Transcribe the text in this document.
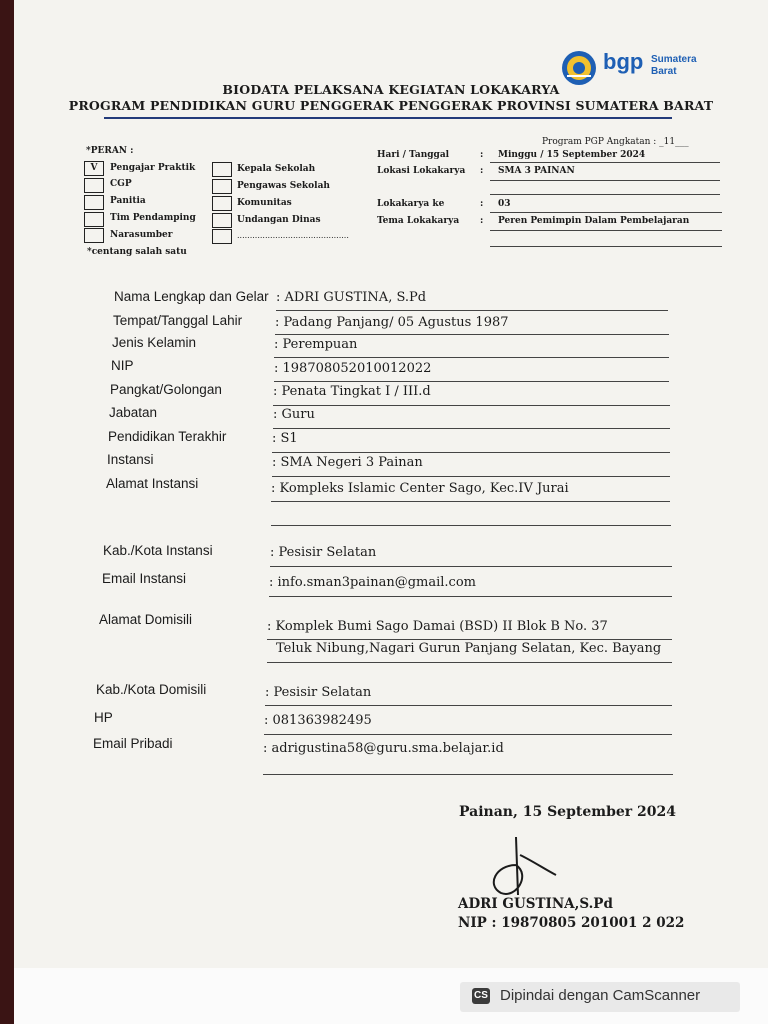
bgp Sumatera
Barat
BIODATA PELAKSANA KEGIATAN LOKAKARYA
PROGRAM PENDIDIKAN GURU PENGGERAK PENGGERAK PROVINSI SUMATERA BARAT
*PERAN :
V	Pengajar Praktik
CGP
Panitia
Tim Pendamping
Narasumber
Kepala Sekolah
Pengawas Sekolah
Komunitas
Undangan Dinas
............................................
*centang salah satu
Program PGP Angkatan : _11___
Hari / Tanggal	: Minggu / 15 September 2024
Lokasi Lokakarya : SMA 3 PAINAN
Lokakarya ke	: 03
Tema Lokakarya : Peren Pemimpin Dalam Pembelajaran
Nama Lengkap dan Gelar : ADRI GUSTINA, S.Pd
Tempat/Tanggal Lahir	: Padang Panjang/ 05 Agustus 1987
Jenis Kelamin	: Perempuan
NIP	: 198708052010012022
Pangkat/Golongan	: Penata Tingkat I / III.d
Jabatan	: Guru
Pendidikan Terakhir	: S1
Instansi	: SMA Negeri 3 Painan
Alamat Instansi	: Kompleks Islamic Center Sago, Kec.IV Jurai
Kab./Kota Instansi	: Pesisir Selatan
Email Instansi	: info.sman3painan@gmail.com
Alamat Domisili	: Komplek Bumi Sago Damai (BSD) II Blok B No. 37
Teluk Nibung,Nagari Gurun Panjang Selatan, Kec. Bayang
Kab./Kota Domisili	: Pesisir Selatan
HP	: 081363982495
Email Pribadi	: adrigustina58@guru.sma.belajar.id
Painan, 15 September 2024
ADRI GUSTINA,S.Pd
NIP : 19870805 201001 2 022
CS Dipindai dengan CamScanner
